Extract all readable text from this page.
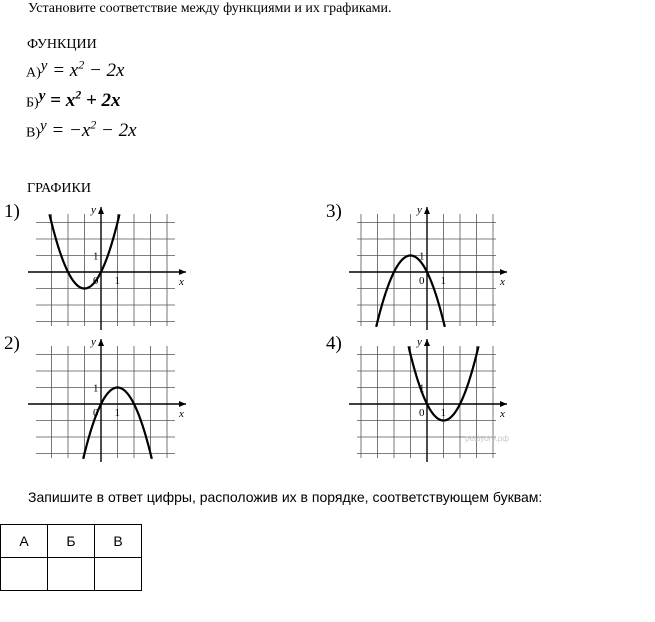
Установите соответствие между функциями и их графиками.
ФУНКЦИИ
$А)^y = x^2 - 2x$
$Б)^y = x^2 + 2x$
$В)^y = -x^2 - 2x$
ГРАФИКИ
1)
2)
3)
4)
x
y
0 1
1
x
y
0 1
1
x
y
0 1
1
x
y
0 1
1
решуогэ.рф
Запишите в ответ цифры, расположив их в порядке, соответствующем буквам:
А	Б	В
